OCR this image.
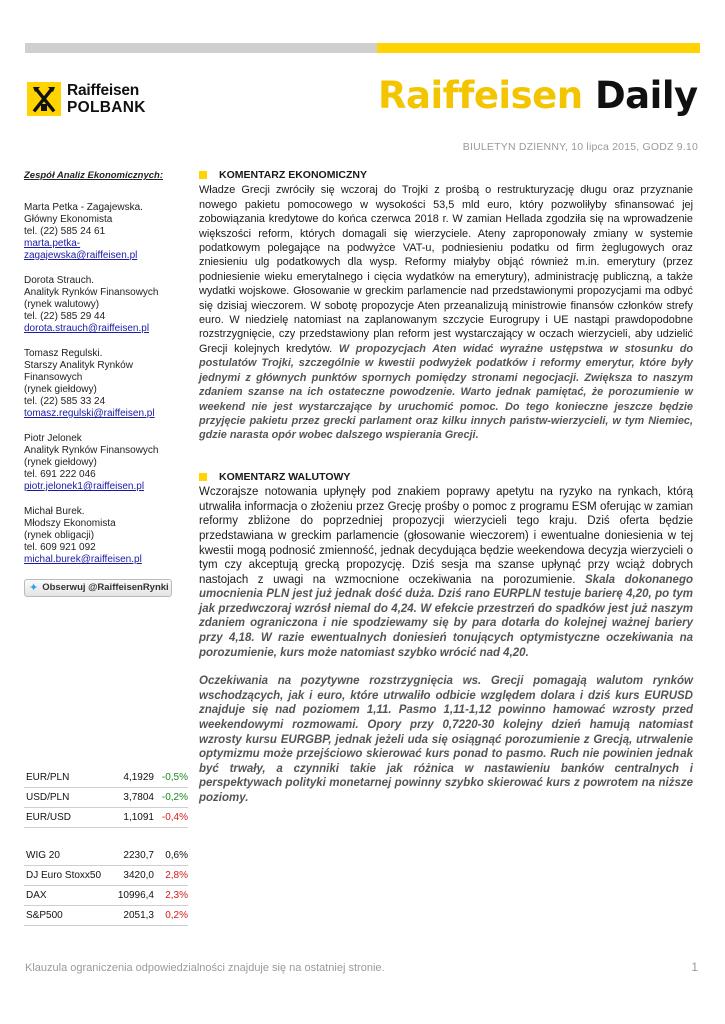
Raiffeisen
POLBANK	Raiffeisen Daily
BIULETYN DZIENNY, 10 lipca 2015, GODZ 9.10
Zespół Analiz Ekonomicznych:
Marta Petka - Zagajewska.
Główny Ekonomista
tel. (22) 585 24 61
marta.petka-
zagajewska@raiffeisen.pl
Dorota Strauch.
Analityk Rynków Finansowych
(rynek walutowy)
tel. (22) 585 29 44
dorota.strauch@raiffeisen.pl
Tomasz Regulski.
Starszy Analityk Rynków Finansowych
(rynek giełdowy)
tel. (22) 585 33 24
tomasz.regulski@raiffeisen.pl
Piotr Jelonek
Analityk Rynków Finansowych
(rynek giełdowy)
tel. 691 222 046
piotr.jelonek1@raiffeisen.pl
Michał Burek.
Młodszy Ekonomista
(rynek obligacji)
tel. 609 921 092
michal.burek@raiffeisen.pl
✦ Obserwuj @RaiffeisenRynki
EUR/PLN	4,1929 -0,5%
USD/PLN	3,7804 -0,2%
EUR/USD	1,1091 -0,4%
WIG 20	2230,7	0,6%
DJ Euro Stoxx50	3420,0	2,8%
DAX	10996,4	2,3%
S&P500	2051,3	0,2%
KOMENTARZ EKONOMICZNY

Władze Grecji zwróciły się wczoraj do Trojki z prośbą o restrukturyzację długu oraz przyznanie nowego pakietu pomocowego w wysokości 53,5 mld euro, który pozwoliłyby sfinansować jej zobowiązania kredytowe do końca czerwca 2018 r. W zamian Hellada zgodziła się na wprowadzenie większości reform, których domagali się wierzyciele. Ateny zaproponowały zmiany w systemie podatkowym polegające na podwyżce VAT-u, podniesieniu podatku od firm żeglugowych oraz zniesieniu ulg podatkowych dla wysp. Reformy miałyby objąć również m.in. emerytury (przez podniesienie wieku emerytalnego i cięcia wydatków na emerytury), administrację publiczną, a także wydatki wojskowe. Głosowanie w greckim parlamencie nad przedstawionymi propozycjami ma odbyć się dzisiaj wieczorem. W sobotę propozycje Aten przeanalizują ministrowie finansów członków strefy euro. W niedzielę natomiast na zaplanowanym szczycie Eurogrupy i UE nastąpi prawdopodobne rozstrzygnięcie, czy przedstawiony plan reform jest wystarczający w oczach wierzycieli, aby udzielić Grecji kolejnych kredytów. W propozycjach Aten widać wyraźne ustępstwa w stosunku do postulatów Trojki, szczególnie w kwestii podwyżek podatków i reformy emerytur, które były jednymi z głównych punktów spornych pomiędzy stronami negocjacji. Zwiększa to naszym zdaniem szanse na ich ostateczne powodzenie. Warto jednak pamiętać, że porozumienie w weekend nie jest wystarczające by uruchomić pomoc. Do tego konieczne jeszcze będzie przyjęcie pakietu przez grecki parlament oraz kilku innych państw-wierzycieli, w tym Niemiec, gdzie narasta opór wobec dalszego wspierania Grecji.

KOMENTARZ WALUTOWY

Wczorajsze notowania upłynęły pod znakiem poprawy apetytu na ryzyko na rynkach, którą utrwaliła informacja o złożeniu przez Grecję prośby o pomoc z programu ESM oferując w zamian reformy zbliżone do poprzedniej propozycji wierzycieli tego kraju. Dziś oferta będzie przedstawiana w greckim parlamencie (głosowanie wieczorem) i ewentualne doniesienia w tej kwestii mogą podnosić zmienność, jednak decydująca będzie weekendowa decyzja wierzycieli o tym czy akceptują grecką propozycję. Dziś sesja ma szanse upłynąć przy wciąż dobrych nastojach z uwagi na wzmocnione oczekiwania na porozumienie. Skala dokonanego umocnienia PLN jest już jednak dość duża. Dziś rano EURPLN testuje barierę 4,20, po tym jak przedwczoraj wzrósł niemal do 4,24. W efekcie przestrzeń do spadków jest już naszym zdaniem ograniczona i nie spodziewamy się by para dotarła do kolejnej ważnej bariery przy 4,18. W razie ewentualnych doniesień tonujących optymistyczne oczekiwania na porozumienie, kurs może natomiast szybko wrócić nad 4,20.

Oczekiwania na pozytywne rozstrzygnięcia ws. Grecji pomagają walutom rynków wschodzących, jak i euro, które utrwaliło odbicie względem dolara i dziś kurs EURUSD znajduje się nad poziomem 1,11. Pasmo 1,11-1,12 powinno hamować wzrosty przed weekendowymi rozmowami. Opory przy 0,7220-30 kolejny dzień hamują natomiast wzrosty kursu EURGBP, jednak jeżeli uda się osiągnąć porozumienie z Grecją, utrwalenie optymizmu może przejściowo skierować kurs ponad to pasmo. Ruch nie powinien jednak być trwały, a czynniki takie jak różnica w nastawieniu banków centralnych i perspektywach polityki monetarnej powinny szybko skierować kurs z powrotem na niższe poziomy.

Klauzula ograniczenia odpowiedzialności znajduje się na ostatniej stronie.	1
